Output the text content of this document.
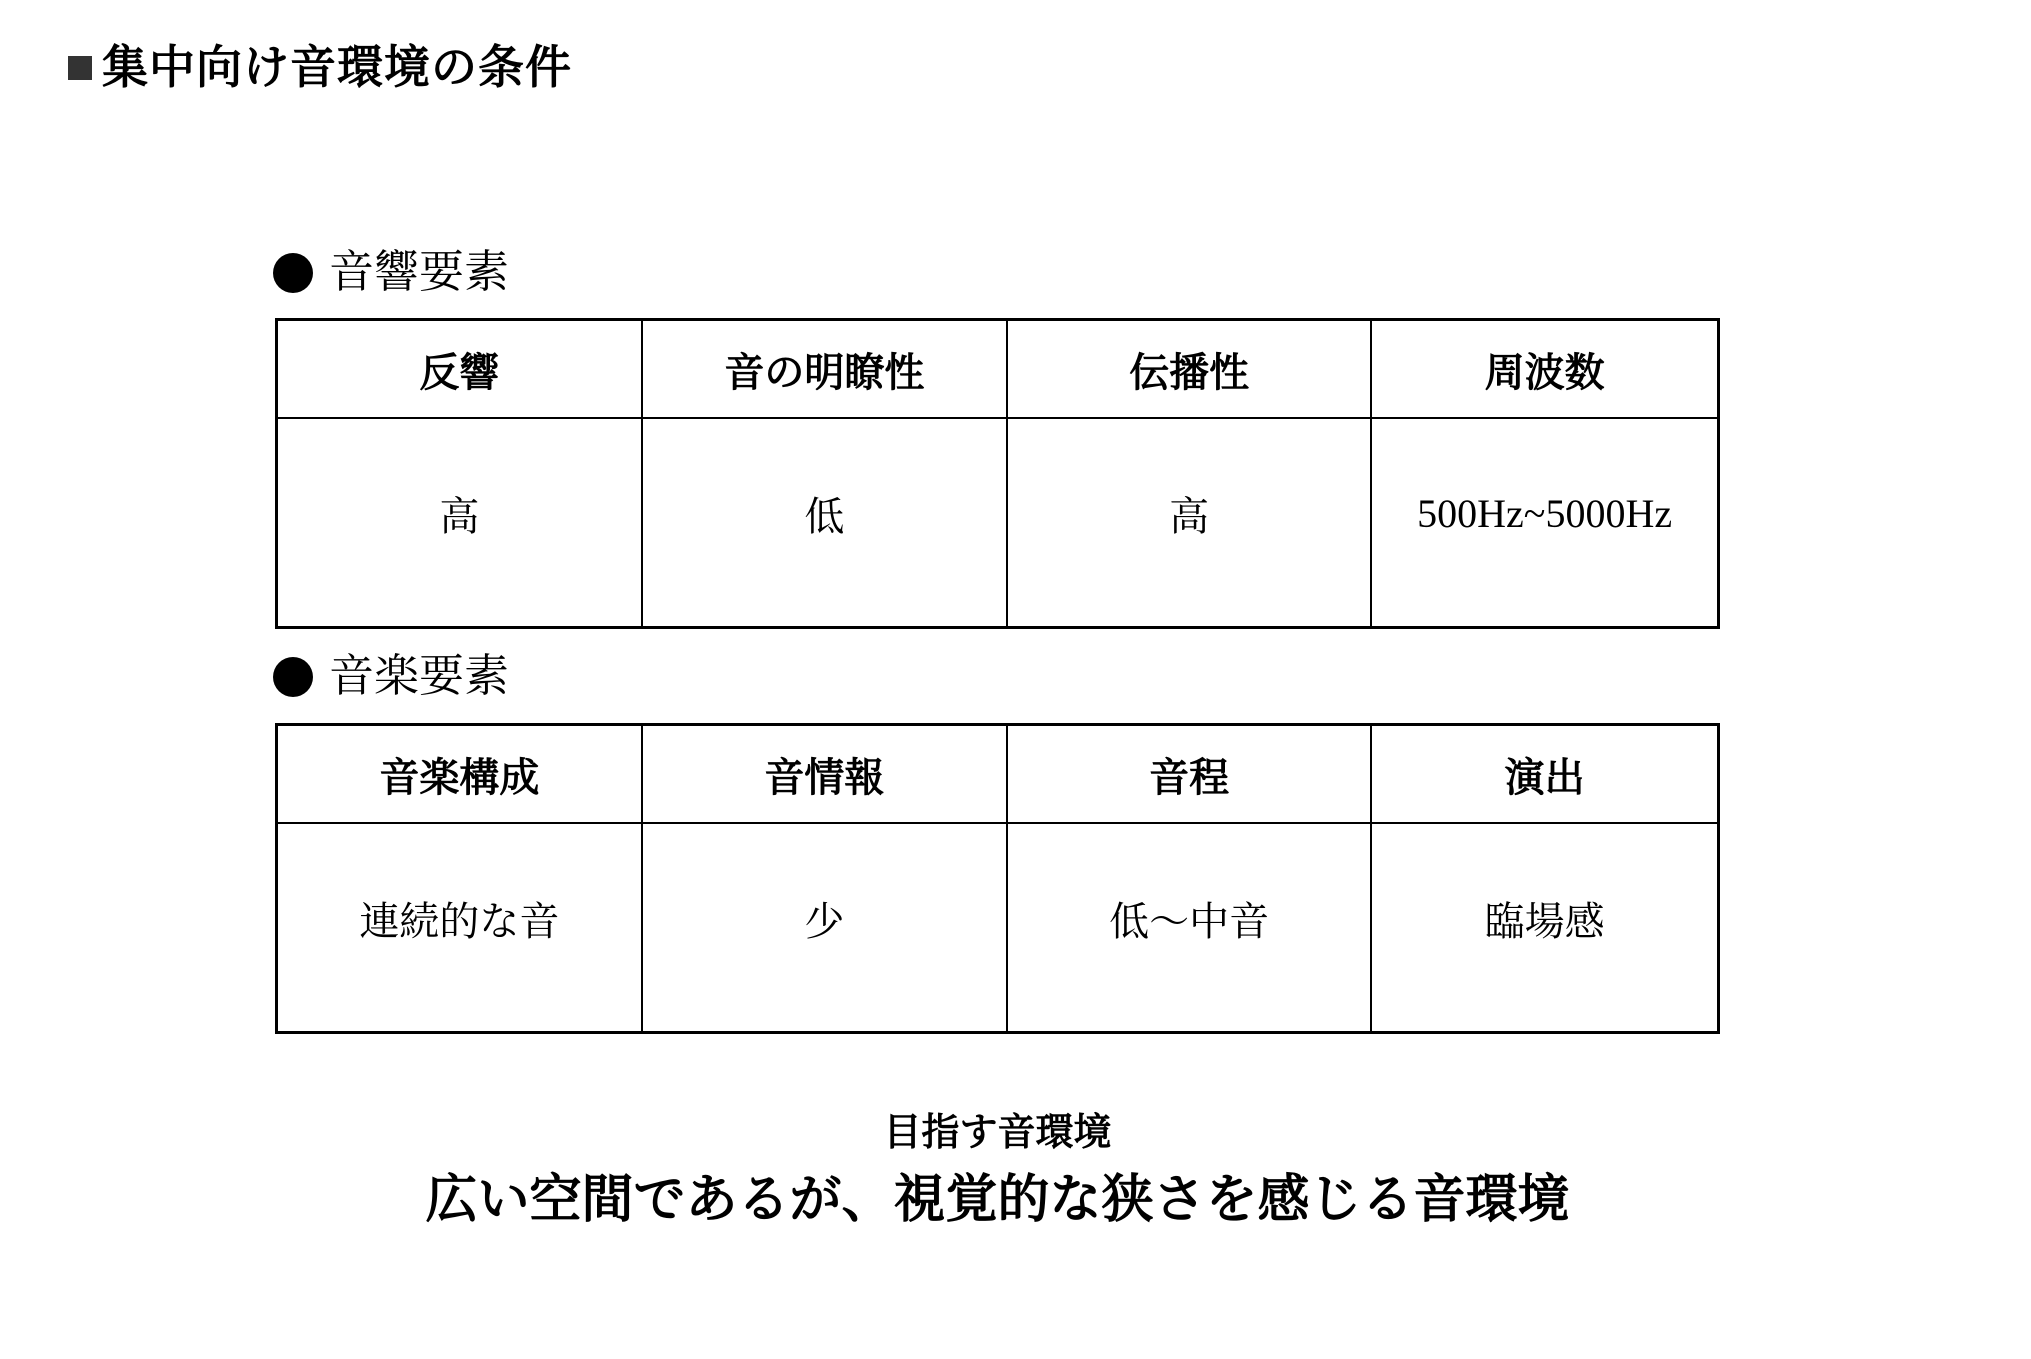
集中向け音環境の条件
音響要素
反響	音の明瞭性	伝播性	周波数
高	低	高	500Hz~5000Hz
音楽要素
音楽構成	音情報	音程	演出
連続的な音	少	低〜中音	臨場感
目指す音環境
広い空間であるが、視覚的な狭さを感じる音環境
